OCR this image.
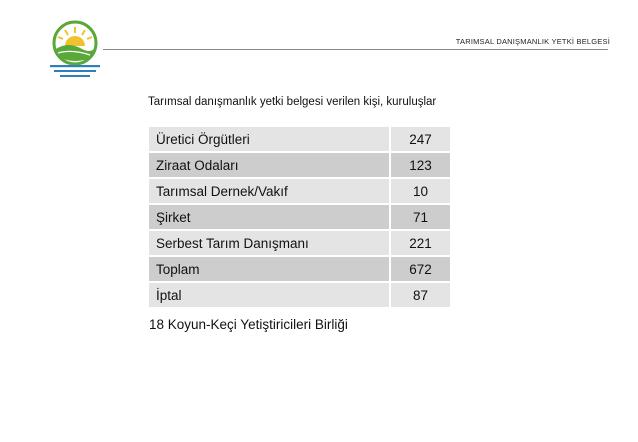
TARIMSAL DANIŞMANLIK YETKİ BELGESİ
Tarımsal danışmanlık yetki belgesi verilen kişi, kuruluşlar
Üretici Örgütleri	247
Ziraat Odaları	123
Tarımsal Dernek/Vakıf	10
Şirket	71
Serbest Tarım Danışmanı	221
Toplam	672
İptal	87
18 Koyun-Keçi Yetiştiricileri Birliği
